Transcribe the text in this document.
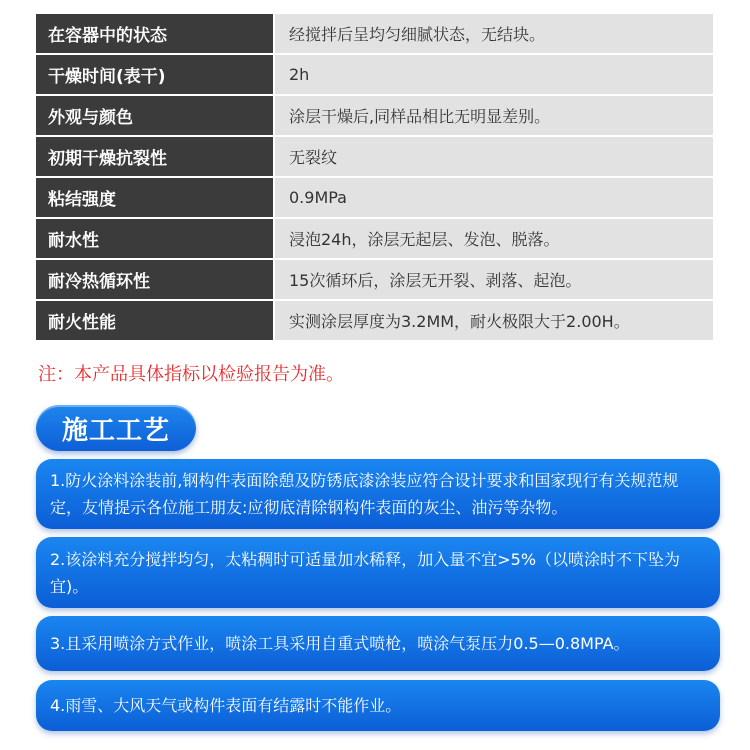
在容器中的状态	经搅拌后呈均匀细腻状态，无结块。
干燥时间(表干)	2h
外观与颜色	涂层干燥后,同样品相比无明显差别。
初期干燥抗裂性	无裂纹
粘结强度	0.9MPa
耐水性	浸泡24h，涂层无起层、发泡、脱落。
耐冷热循环性	15次循环后，涂层无开裂、剥落、起泡。
耐火性能	实测涂层厚度为3.2MM，耐火极限大于2.00H。
注：本产品具体指标以检验报告为准。
施工工艺
1.防火涂料涂装前,钢构件表面除憩及防锈底漆涂装应符合设计要求和国家现行有关规范规定，友情提示各位施工朋友:应彻底清除钢构件表面的灰尘、油污等杂物。
2.该涂料充分搅拌均匀，太粘稠时可适量加水稀释，加入量不宜>5%（以喷涂时不下坠为宜)。
3.且采用喷涂方式作业，喷涂工具采用自重式喷枪，喷涂气泵压力0.5—0.8MPA。
4.雨雪、大风天气或构件表面有结露时不能作业。
